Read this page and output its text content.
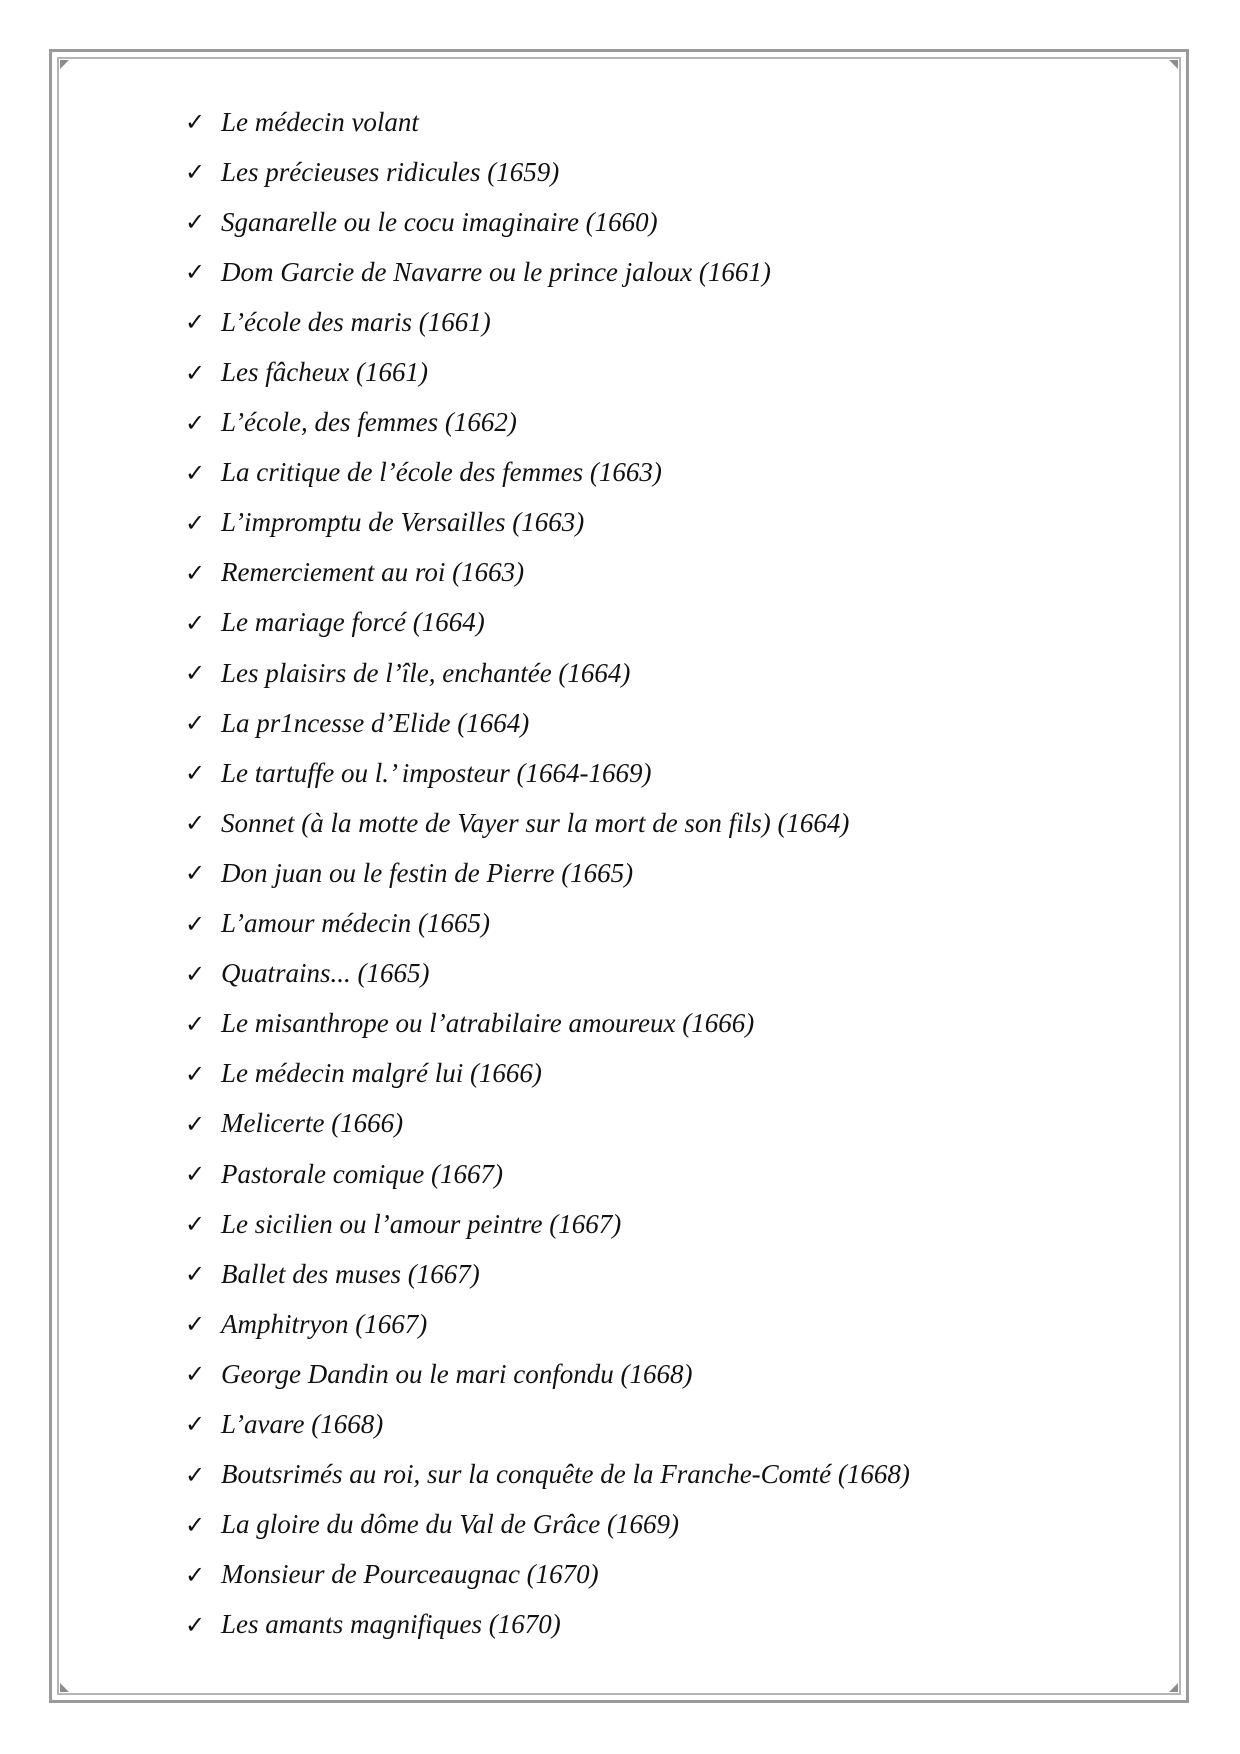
✓ Le médecin volant
✓ Les précieuses ridicules (1659)
✓ Sganarelle ou le cocu imaginaire (1660)
✓ Dom Garcie de Navarre ou le prince jaloux (1661)
✓ L’école des maris (1661)
✓ Les fâcheux (1661)
✓ L’école, des femmes (1662)
✓ La critique de l’école des femmes (1663)
✓ L’impromptu de Versailles (1663)
✓ Remerciement au roi (1663)
✓ Le mariage forcé (1664)
✓ Les plaisirs de l’île, enchantée (1664)
✓ La pr1ncesse d’Elide (1664)
✓ Le tartuffe ou l.’ imposteur (1664-1669)
✓ Sonnet (à la motte de Vayer sur la mort de son fils) (1664)
✓ Don juan ou le festin de Pierre (1665)
✓ L’amour médecin (1665)
✓ Quatrains... (1665)
✓ Le misanthrope ou l’atrabilaire amoureux (1666)
✓ Le médecin malgré lui (1666)
✓ Melicerte (1666)
✓ Pastorale comique (1667)
✓ Le sicilien ou l’amour peintre (1667)
✓ Ballet des muses (1667)
✓ Amphitryon (1667)
✓ George Dandin ou le mari confondu (1668)
✓ L’avare (1668)
✓ Boutsrimés au roi, sur la conquête de la Franche-Comté (1668)
✓ La gloire du dôme du Val de Grâce (1669)
✓ Monsieur de Pourceaugnac (1670)
✓ Les amants magnifiques (1670)
